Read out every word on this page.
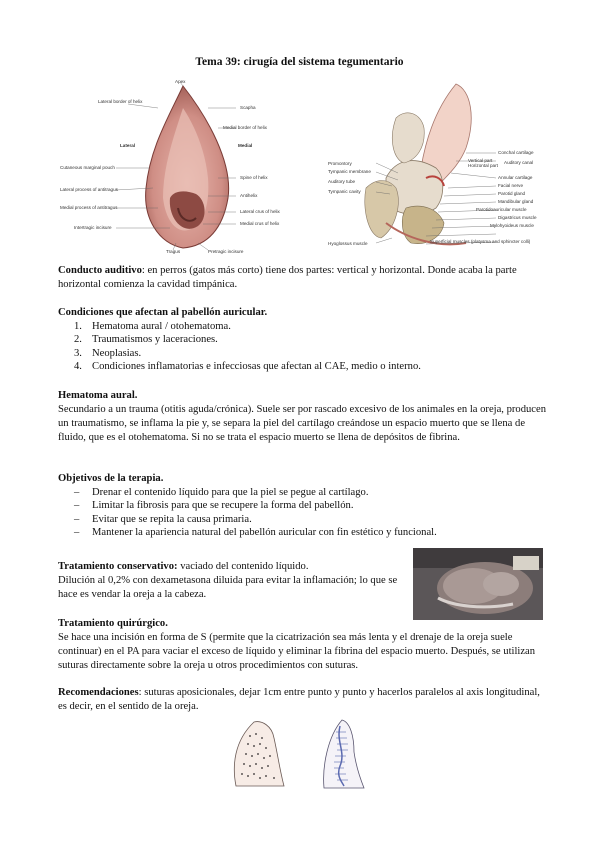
Tema 39: cirugía del sistema tegumentario
Apex
Lateral border of helix
Scapha
Medial border of helix
Lateral	Medial
Cutaneous marginal pouch
Lateral process of antitragus
Medial process of antitragus
Intertragic incisure
Spine of helix
Antihelix
Lateral crus of helix
Medial crus of helix
Tragus	Pretragic incisure
Promontory
Tympanic membrane
Auditory tube
Tympanic cavity
Hyoglossus muscle
Conchal cartilage
Vertical part
Horizontal part
Auditory canal
Annular cartilage
Facial nerve
Parotid gland
Mandibular gland
Parotidoauricular muscle
Digastricus muscle
Mylohyoideus muscle
Superficial muscles (platysma and sphincter colli)

Conducto auditivo: en perros (gatos más corto) tiene dos partes: vertical y horizontal. Donde acaba la parte horizontal comienza la cavidad timpánica.

Condiciones que afectan al pabellón auricular.

1. Hematoma aural / otohematoma.
2. Traumatismos y laceraciones.
3. Neoplasias.
4. Condiciones inflamatorias e infecciosas que afectan al CAE, medio o interno.

Hematoma aural.

Secundario a un trauma (otitis aguda/crónica). Suele ser por rascado excesivo de los animales en la oreja, producen un traumatismo, se inflama la pie y, se separa la piel del cartílago creándose un espacio muerto que se llena de fluido, que es el otohematoma. Si no se trata el espacio muerto se llena de depósitos de fibrina.

Objetivos de la terapia.

– Drenar el contenido líquido para que la piel se pegue al cartílago.
– Limitar la fibrosis para que se recupere la forma del pabellón.
– Evitar que se repita la causa primaria.
– Mantener la apariencia natural del pabellón auricular con fin estético y funcional.

Tratamiento conservativo: vaciado del contenido líquido.

Dilución al 0,2% con dexametasona diluida para evitar la inflamación; lo que se hace es vendar la oreja a la cabeza.

Tratamiento quirúrgico.

Se hace una incisión en forma de S (permite que la cicatrización sea más lenta y el drenaje de la oreja suele continuar) en el PA para vaciar el exceso de líquido y eliminar la fibrina del espacio muerto. Después, se utilizan suturas directamente sobre la oreja u otros procedimientos con suturas.

Recomendaciones: suturas aposicionales, dejar 1cm entre punto y punto y hacerlos paralelos al axis longitudinal, es decir, en el sentido de la oreja.
